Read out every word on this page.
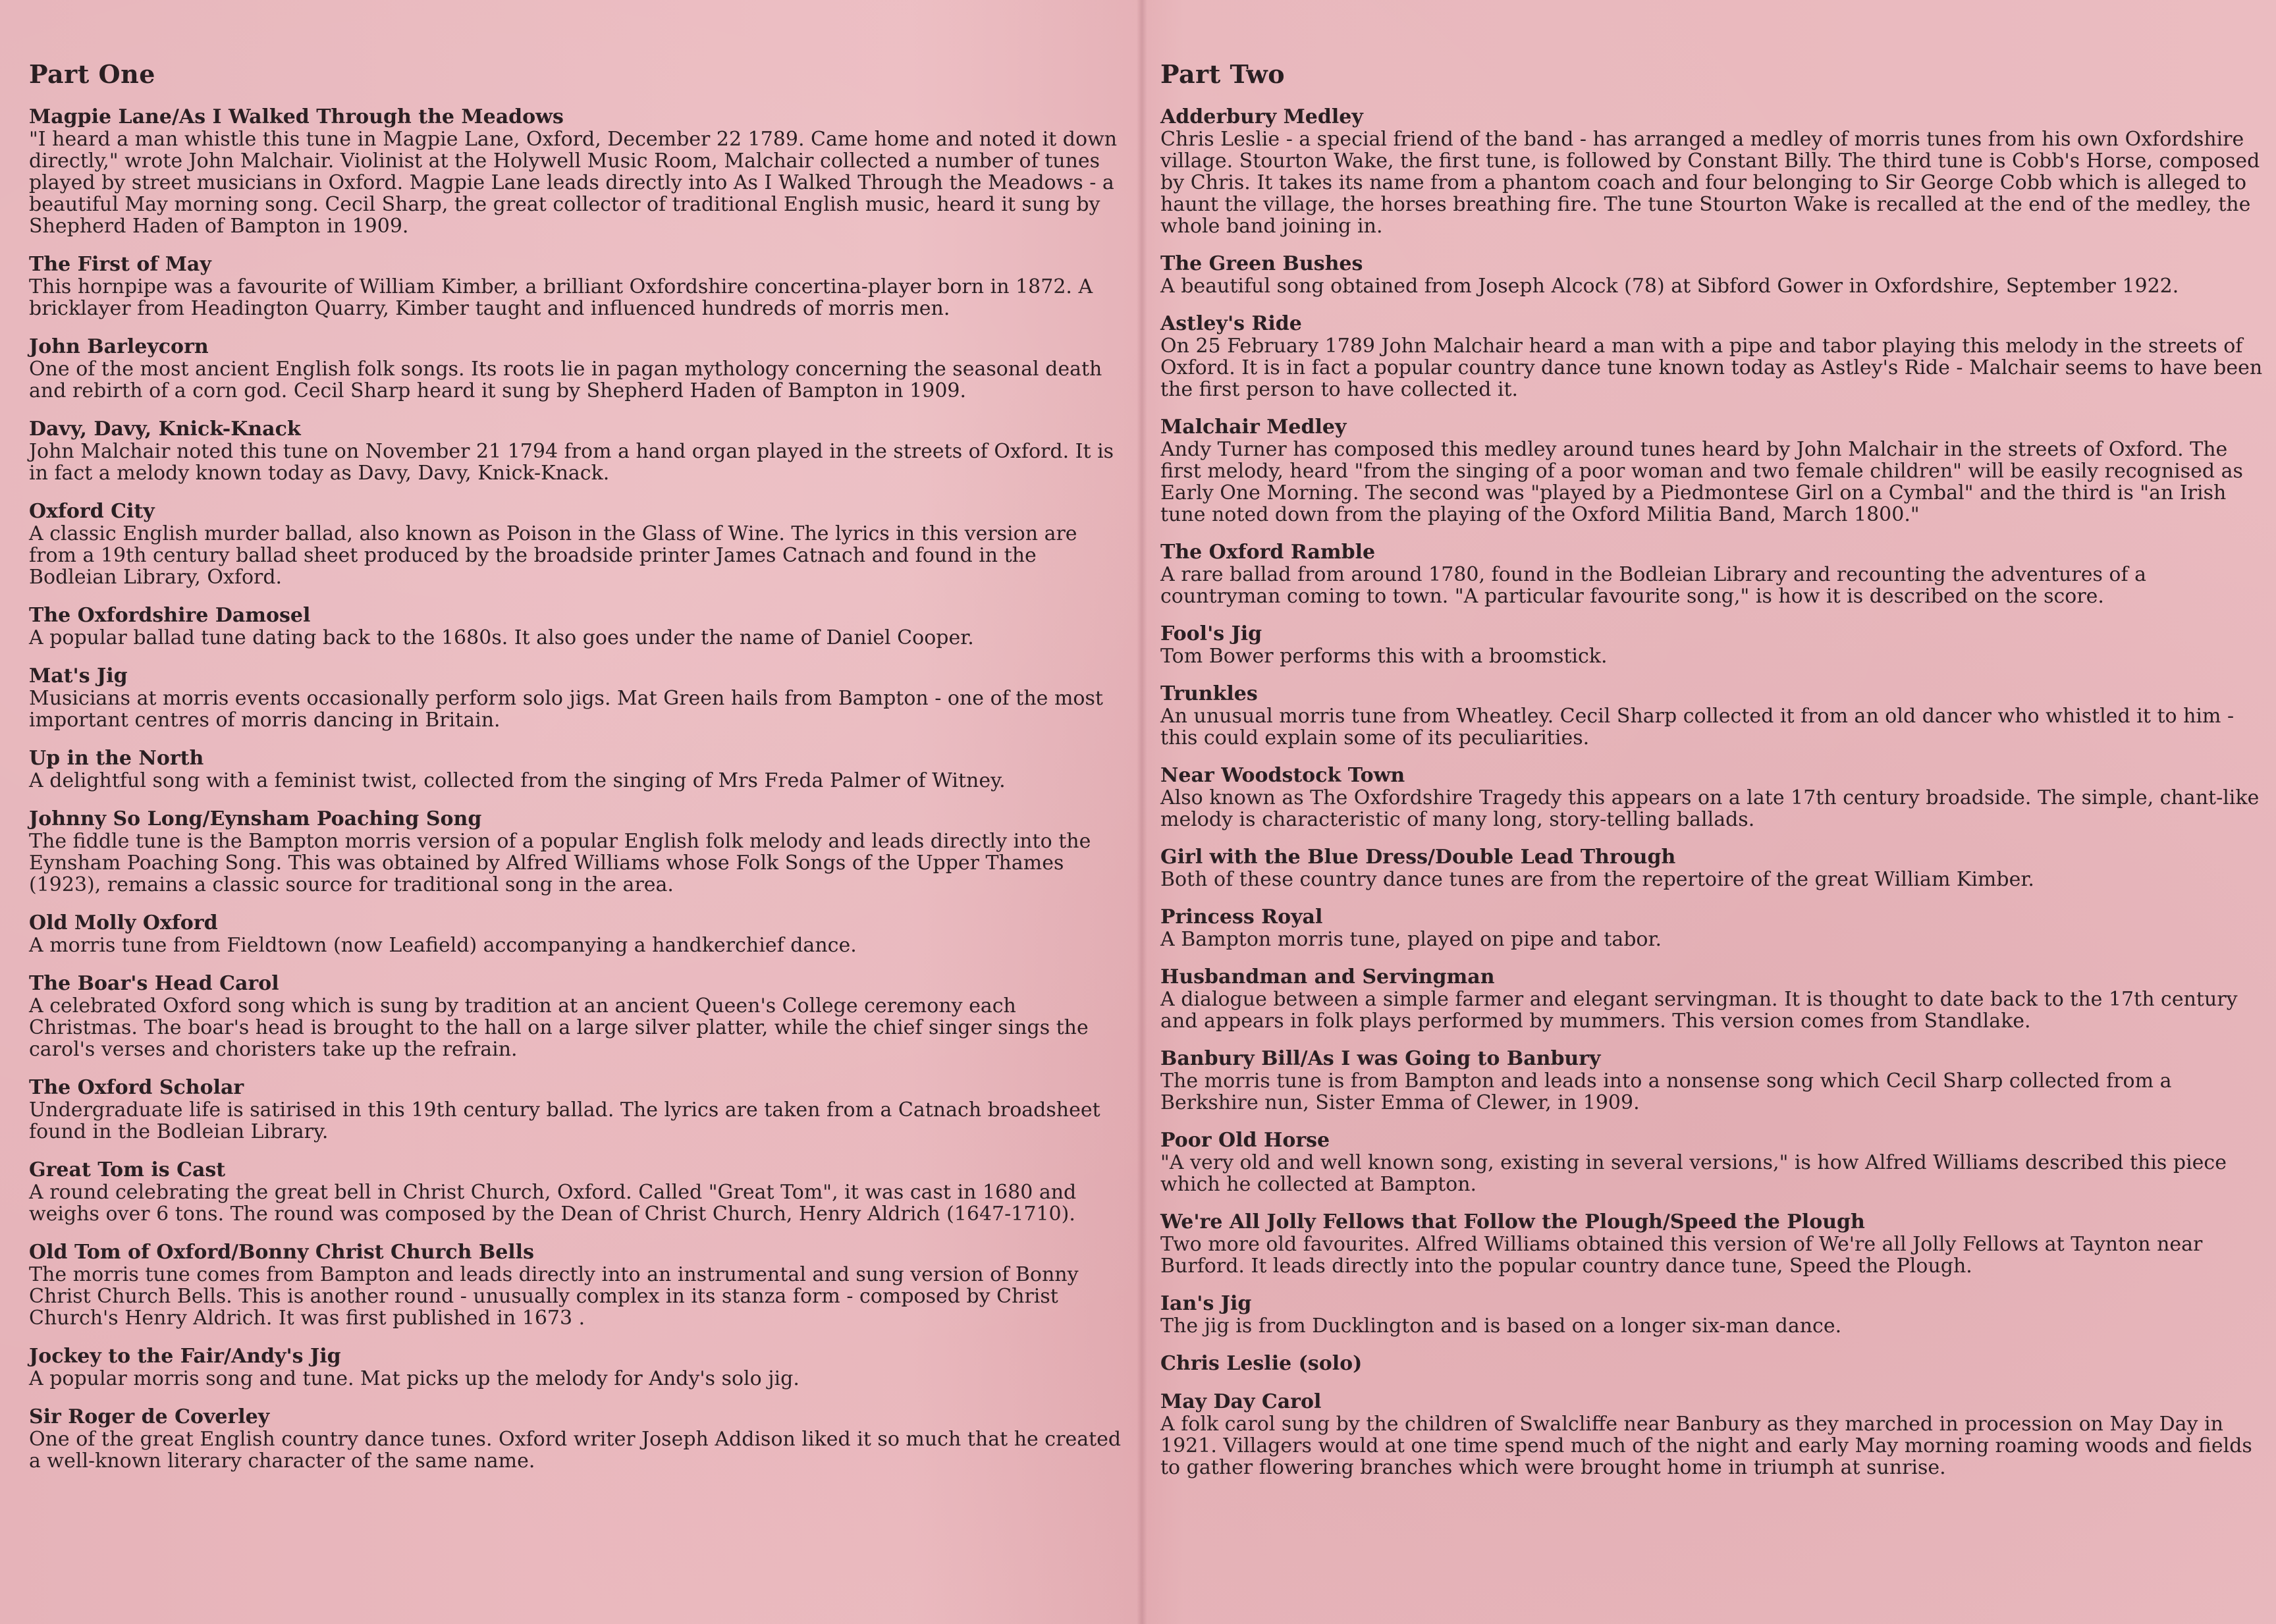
Part One
Magpie Lane/As I Walked Through the Meadows
"I heard a man whistle this tune in Magpie Lane, Oxford, December 22 1789. Came home and noted it down directly," wrote John Malchair. Violinist at the Holywell Music Room, Malchair collected a number of tunes played by street musicians in Oxford. Magpie Lane leads directly into As I Walked Through the Meadows - a beautiful May morning song. Cecil Sharp, the great collector of traditional English music, heard it sung by Shepherd Haden of Bampton in 1909.
The First of May
This hornpipe was a favourite of William Kimber, a brilliant Oxfordshire concertina-player born in 1872. A bricklayer from Headington Quarry, Kimber taught and influenced hundreds of morris men.
John Barleycorn
One of the most ancient English folk songs. Its roots lie in pagan mythology concerning the seasonal death and rebirth of a corn god. Cecil Sharp heard it sung by Shepherd Haden of Bampton in 1909.
Davy, Davy, Knick-Knack
John Malchair noted this tune on November 21 1794 from a hand organ played in the streets of Oxford. It is in fact a melody known today as Davy, Davy, Knick-Knack.
Oxford City
A classic English murder ballad, also known as Poison in the Glass of Wine. The lyrics in this version are from a 19th century ballad sheet produced by the broadside printer James Catnach and found in the Bodleian Library, Oxford.
The Oxfordshire Damosel
A popular ballad tune dating back to the 1680s. It also goes under the name of Daniel Cooper.
Mat's Jig
Musicians at morris events occasionally perform solo jigs. Mat Green hails from Bampton - one of the most important centres of morris dancing in Britain.
Up in the North
A delightful song with a feminist twist, collected from the singing of Mrs Freda Palmer of Witney.
Johnny So Long/Eynsham Poaching Song
The fiddle tune is the Bampton morris version of a popular English folk melody and leads directly into the Eynsham Poaching Song. This was obtained by Alfred Williams whose Folk Songs of the Upper Thames (1923), remains a classic source for traditional song in the area.
Old Molly Oxford
A morris tune from Fieldtown (now Leafield) accompanying a handkerchief dance.
The Boar's Head Carol
A celebrated Oxford song which is sung by tradition at an ancient Queen's College ceremony each Christmas. The boar's head is brought to the hall on a large silver platter, while the chief singer sings the carol's verses and choristers take up the refrain.
The Oxford Scholar
Undergraduate life is satirised in this 19th century ballad. The lyrics are taken from a Catnach broadsheet found in the Bodleian Library.
Great Tom is Cast
A round celebrating the great bell in Christ Church, Oxford. Called "Great Tom", it was cast in 1680 and weighs over 6 tons. The round was composed by the Dean of Christ Church, Henry Aldrich (1647-1710).
Old Tom of Oxford/Bonny Christ Church Bells
The morris tune comes from Bampton and leads directly into an instrumental and sung version of Bonny Christ Church Bells. This is another round - unusually complex in its stanza form - composed by Christ Church's Henry Aldrich. It was first published in 1673 .
Jockey to the Fair/Andy's Jig
A popular morris song and tune. Mat picks up the melody for Andy's solo jig.
Sir Roger de Coverley
One of the great English country dance tunes. Oxford writer Joseph Addison liked it so much that he created a well-known literary character of the same name.
Part Two
Adderbury Medley
Chris Leslie - a special friend of the band - has arranged a medley of morris tunes from his own Oxfordshire village. Stourton Wake, the first tune, is followed by Constant Billy. The third tune is Cobb's Horse, composed by Chris. It takes its name from a phantom coach and four belonging to Sir George Cobb which is alleged to haunt the village, the horses breathing fire. The tune Stourton Wake is recalled at the end of the medley, the whole band joining in.
The Green Bushes
A beautiful song obtained from Joseph Alcock (78) at Sibford Gower in Oxfordshire, September 1922.
Astley's Ride
On 25 February 1789 John Malchair heard a man with a pipe and tabor playing this melody in the streets of Oxford. It is in fact a popular country dance tune known today as Astley's Ride - Malchair seems to have been the first person to have collected it.
Malchair Medley
Andy Turner has composed this medley around tunes heard by John Malchair in the streets of Oxford. The first melody, heard "from the singing of a poor woman and two female children" will be easily recognised as Early One Morning. The second was "played by a Piedmontese Girl on a Cymbal" and the third is "an Irish tune noted down from the playing of the Oxford Militia Band, March 1800."
The Oxford Ramble
A rare ballad from around 1780, found in the Bodleian Library and recounting the adventures of a countryman coming to town. "A particular favourite song," is how it is described on the score.
Fool's Jig
Tom Bower performs this with a broomstick.
Trunkles
An unusual morris tune from Wheatley. Cecil Sharp collected it from an old dancer who whistled it to him - this could explain some of its peculiarities.
Near Woodstock Town
Also known as The Oxfordshire Tragedy this appears on a late 17th century broadside. The simple, chant-like melody is characteristic of many long, story-telling ballads.
Girl with the Blue Dress/Double Lead Through
Both of these country dance tunes are from the repertoire of the great William Kimber.
Princess Royal
A Bampton morris tune, played on pipe and tabor.
Husbandman and Servingman
A dialogue between a simple farmer and elegant servingman. It is thought to date back to the 17th century and appears in folk plays performed by mummers. This version comes from Standlake.
Banbury Bill/As I was Going to Banbury
The morris tune is from Bampton and leads into a nonsense song which Cecil Sharp collected from a Berkshire nun, Sister Emma of Clewer, in 1909.
Poor Old Horse
"A very old and well known song, existing in several versions," is how Alfred Williams described this piece which he collected at Bampton.
We're All Jolly Fellows that Follow the Plough/Speed the Plough
Two more old favourites. Alfred Williams obtained this version of We're all Jolly Fellows at Taynton near Burford. It leads directly into the popular country dance tune, Speed the Plough.
Ian's Jig
The jig is from Ducklington and is based on a longer six-man dance.
Chris Leslie (solo)
May Day Carol
A folk carol sung by the children of Swalcliffe near Banbury as they marched in procession on May Day in 1921. Villagers would at one time spend much of the night and early May morning roaming woods and fields to gather flowering branches which were brought home in triumph at sunrise.
